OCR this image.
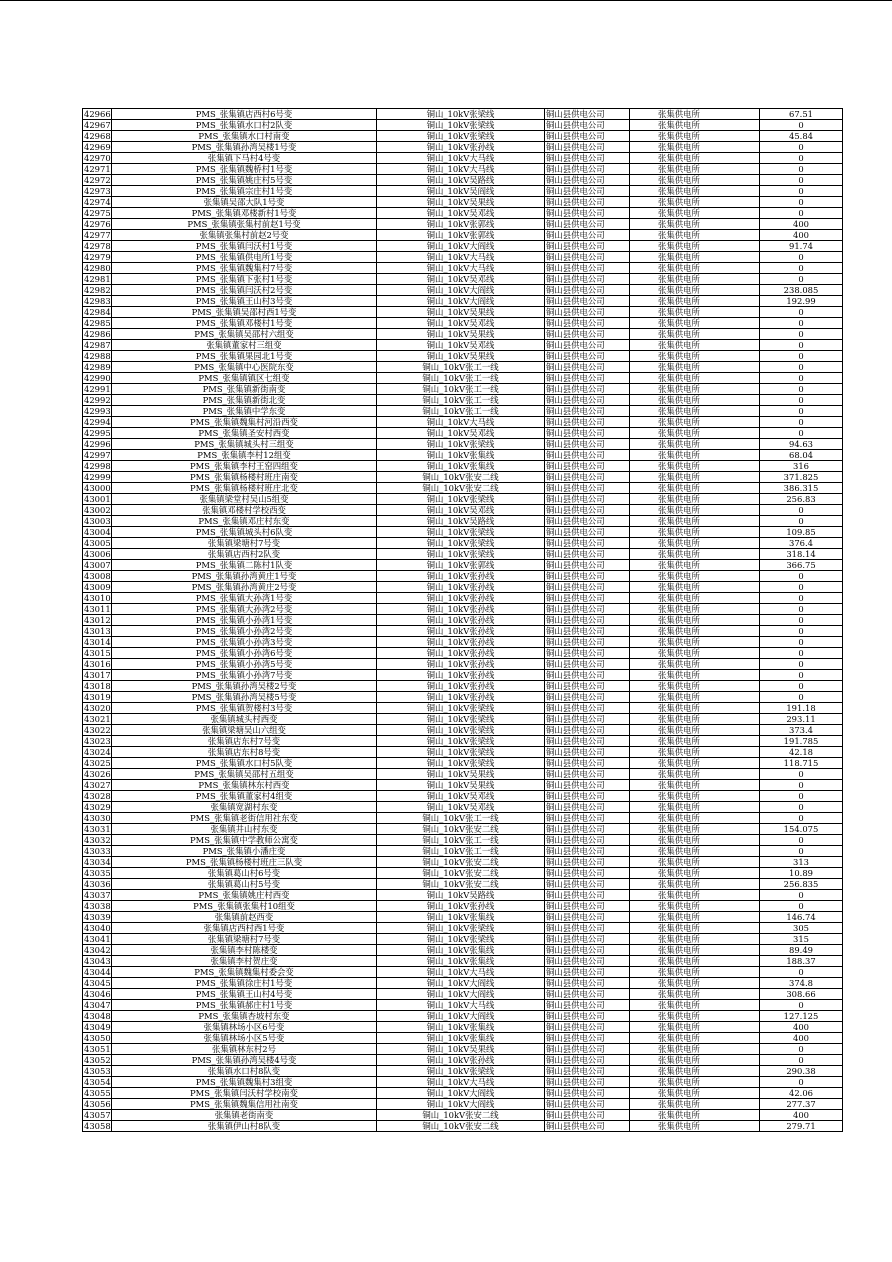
42966	PMS_张集镇店西村6号变	铜山_10kV张梁线	铜山县供电公司	张集供电所	67.51
42967	PMS_张集镇水口村2队变	铜山_10kV张梁线	铜山县供电公司	张集供电所	0
42968	PMS_张集镇水口村南变	铜山_10kV张梁线	铜山县供电公司	张集供电所	45.84
42969	PMS_张集镇孙湾吴楼1号变	铜山_10kV张孙线	铜山县供电公司	张集供电所	0
42970	张集镇下马村4号变	铜山_10kV大马线	铜山县供电公司	张集供电所	0
42971	PMS_张集镇魏桥村1号变	铜山_10kV大马线	铜山县供电公司	张集供电所	0
42972	PMS_张集镇姚庄村5号变	铜山_10kV吴路线	铜山县供电公司	张集供电所	0
42973	PMS_张集镇宗庄村1号变	铜山_10kV吴阎线	铜山县供电公司	张集供电所	0
42974	张集镇吴邵大队1号变	铜山_10kV吴果线	铜山县供电公司	张集供电所	0
42975	PMS_张集镇邓楼新村1号变	铜山_10kV吴邓线	铜山县供电公司	张集供电所	0
42976	PMS_张集镇张集村前赵1号变	铜山_10kV张郭线	铜山县供电公司	张集供电所	400
42977	张集镇张集村前赵2号变	铜山_10kV张郭线	铜山县供电公司	张集供电所	400
42978	PMS_张集镇闫沃村1号变	铜山_10kV大阎线	铜山县供电公司	张集供电所	91.74
42979	PMS_张集镇供电所1号变	铜山_10kV大马线	铜山县供电公司	张集供电所	0
42980	PMS_张集镇魏集村7号变	铜山_10kV大马线	铜山县供电公司	张集供电所	0
42981	PMS_张集镇下张村1号变	铜山_10kV吴邓线	铜山县供电公司	张集供电所	0
42982	PMS_张集镇闫沃村2号变	铜山_10kV大阎线	铜山县供电公司	张集供电所	238.085
42983	PMS_张集镇王山村3号变	铜山_10kV大阎线	铜山县供电公司	张集供电所	192.99
42984	PMS_张集镇吴邵村西1号变	铜山_10kV吴果线	铜山县供电公司	张集供电所	0
42985	PMS_张集镇邓楼村1号变	铜山_10kV吴邓线	铜山县供电公司	张集供电所	0
42986	PMS_张集镇吴邵村六组变	铜山_10kV吴果线	铜山县供电公司	张集供电所	0
42987	张集镇董家村三组变	铜山_10kV吴邓线	铜山县供电公司	张集供电所	0
42988	PMS_张集镇果园北1号变	铜山_10kV吴果线	铜山县供电公司	张集供电所	0
42989	PMS_张集镇中心医院东变	铜山_10kV张工一线	铜山县供电公司	张集供电所	0
42990	PMS_张集镇镇区七组变	铜山_10kV张工一线	铜山县供电公司	张集供电所	0
42991	PMS_张集镇新街南变	铜山_10kV张工一线	铜山县供电公司	张集供电所	0
42992	PMS_张集镇新街北变	铜山_10kV张工一线	铜山县供电公司	张集供电所	0
42993	PMS_张集镇中学东变	铜山_10kV张工一线	铜山县供电公司	张集供电所	0
42994	PMS_张集镇魏集村河沿西变	铜山_10kV大马线	铜山县供电公司	张集供电所	0
42995	PMS_张集镇圣安村西变	铜山_10kV吴邓线	铜山县供电公司	张集供电所	0
42996	PMS_张集镇城头村三组变	铜山_10kV张梁线	铜山县供电公司	张集供电所	94.63
42997	PMS_张集镇李村12组变	铜山_10kV张集线	铜山县供电公司	张集供电所	68.04
42998	PMS_张集镇李村王窑四组变	铜山_10kV张集线	铜山县供电公司	张集供电所	316
42999	PMS_张集镇杨楼村班庄南变	铜山_10kV张安二线	铜山县供电公司	张集供电所	371.825
43000	PMS_张集镇杨楼村班庄北变	铜山_10kV张安二线	铜山县供电公司	张集供电所	386.315
43001	张集镇梁堂村吴山5组变	铜山_10kV张梁线	铜山县供电公司	张集供电所	256.83
43002	张集镇邓楼村学校西变	铜山_10kV吴邓线	铜山县供电公司	张集供电所	0
43003	PMS_张集镇邓庄村东变	铜山_10kV吴路线	铜山县供电公司	张集供电所	0
43004	PMS_张集镇城头村6队变	铜山_10kV张梁线	铜山县供电公司	张集供电所	109.85
43005	张集镇梁塘村7号变	铜山_10kV张梁线	铜山县供电公司	张集供电所	376.4
43006	张集镇店西村2队变	铜山_10kV张梁线	铜山县供电公司	张集供电所	318.14
43007	PMS_张集镇二陈村1队变	铜山_10kV张郭线	铜山县供电公司	张集供电所	366.75
43008	PMS_张集镇孙湾黄庄1号变	铜山_10kV张孙线	铜山县供电公司	张集供电所	0
43009	PMS_张集镇孙湾黄庄2号变	铜山_10kV张孙线	铜山县供电公司	张集供电所	0
43010	PMS_张集镇大孙湾1号变	铜山_10kV张孙线	铜山县供电公司	张集供电所	0
43011	PMS_张集镇大孙湾2号变	铜山_10kV张孙线	铜山县供电公司	张集供电所	0
43012	PMS_张集镇小孙湾1号变	铜山_10kV张孙线	铜山县供电公司	张集供电所	0
43013	PMS_张集镇小孙湾2号变	铜山_10kV张孙线	铜山县供电公司	张集供电所	0
43014	PMS_张集镇小孙湾3号变	铜山_10kV张孙线	铜山县供电公司	张集供电所	0
43015	PMS_张集镇小孙湾6号变	铜山_10kV张孙线	铜山县供电公司	张集供电所	0
43016	PMS_张集镇小孙湾5号变	铜山_10kV张孙线	铜山县供电公司	张集供电所	0
43017	PMS_张集镇小孙湾7号变	铜山_10kV张孙线	铜山县供电公司	张集供电所	0
43018	PMS_张集镇孙湾吴楼2号变	铜山_10kV张孙线	铜山县供电公司	张集供电所	0
43019	PMS_张集镇孙湾吴楼5号变	铜山_10kV张孙线	铜山县供电公司	张集供电所	0
43020	PMS_张集镇贺楼村3号变	铜山_10kV张梁线	铜山县供电公司	张集供电所	191.18
43021	张集镇城头村西变	铜山_10kV张梁线	铜山县供电公司	张集供电所	293.11
43022	张集镇梁塘吴山六组变	铜山_10kV张梁线	铜山县供电公司	张集供电所	373.4
43023	张集镇店东村7号变	铜山_10kV张梁线	铜山县供电公司	张集供电所	191.785
43024	张集镇店东村8号变	铜山_10kV张梁线	铜山县供电公司	张集供电所	42.18
43025	PMS_张集镇水口村5队变	铜山_10kV张梁线	铜山县供电公司	张集供电所	118.715
43026	PMS_张集镇吴邵村五组变	铜山_10kV吴果线	铜山县供电公司	张集供电所	0
43027	PMS_张集镇林东村西变	铜山_10kV吴果线	铜山县供电公司	张集供电所	0
43028	PMS_张集镇董家村4组变	铜山_10kV吴邓线	铜山县供电公司	张集供电所	0
43029	张集镇宽湖村东变	铜山_10kV吴邓线	铜山县供电公司	张集供电所	0
43030	PMS_张集镇老街信用社东变	铜山_10kV张工一线	铜山县供电公司	张集供电所	0
43031	张集镇井山村东变	铜山_10kV张安二线	铜山县供电公司	张集供电所	154.075
43032	PMS_张集镇中学教师公寓变	铜山_10kV张工一线	铜山县供电公司	张集供电所	0
43033	PMS_张集镇小潘庄变	铜山_10kV张工一线	铜山县供电公司	张集供电所	0
43034	PMS_张集镇杨楼村班庄三队变	铜山_10kV张安二线	铜山县供电公司	张集供电所	313
43035	张集镇葛山村6号变	铜山_10kV张安二线	铜山县供电公司	张集供电所	10.89
43036	张集镇葛山村5号变	铜山_10kV张安二线	铜山县供电公司	张集供电所	256.835
43037	PMS_张集镇姚庄村西变	铜山_10kV吴路线	铜山县供电公司	张集供电所	0
43038	PMS_张集镇张集村10组变	铜山_10kV张孙线	铜山县供电公司	张集供电所	0
43039	张集镇前赵西变	铜山_10kV张集线	铜山县供电公司	张集供电所	146.74
43040	张集镇店西村西1号变	铜山_10kV张梁线	铜山县供电公司	张集供电所	305
43041	张集镇梁塘村7号变	铜山_10kV张梁线	铜山县供电公司	张集供电所	315
43042	张集镇李村陈楼变	铜山_10kV张集线	铜山县供电公司	张集供电所	89.49
43043	张集镇李村贺庄变	铜山_10kV张集线	铜山县供电公司	张集供电所	188.37
43044	PMS_张集镇魏集村委会变	铜山_10kV大马线	铜山县供电公司	张集供电所	0
43045	PMS_张集镇徐庄村1号变	铜山_10kV大阎线	铜山县供电公司	张集供电所	374.8
43046	PMS_张集镇王山村4号变	铜山_10kV大阎线	铜山县供电公司	张集供电所	308.66
43047	PMS_张集镇郝庄村1号变	铜山_10kV大马线	铜山县供电公司	张集供电所	0
43048	PMS_张集镇杏坡村东变	铜山_10kV大阎线	铜山县供电公司	张集供电所	127.125
43049	张集镇林场小区6号变	铜山_10kV张集线	铜山县供电公司	张集供电所	400
43050	张集镇林场小区5号变	铜山_10kV张集线	铜山县供电公司	张集供电所	400
43051	张集镇林东村2号	铜山_10kV吴果线	铜山县供电公司	张集供电所	0
43052	PMS_张集镇孙湾吴楼4号变	铜山_10kV张孙线	铜山县供电公司	张集供电所	0
43053	张集镇水口村8队变	铜山_10kV张梁线	铜山县供电公司	张集供电所	290.38
43054	PMS_张集镇魏集村3组变	铜山_10kV大马线	铜山县供电公司	张集供电所	0
43055	PMS_张集镇闫沃村学校南变	铜山_10kV大阎线	铜山县供电公司	张集供电所	42.06
43056	PMS_张集镇魏集信用社南变	铜山_10kV大阎线	铜山县供电公司	张集供电所	277.37
43057	张集镇老街南变	铜山_10kV张安二线	铜山县供电公司	张集供电所	400
43058	张集镇伊山村8队变	铜山_10kV张安二线	铜山县供电公司	张集供电所	279.71
